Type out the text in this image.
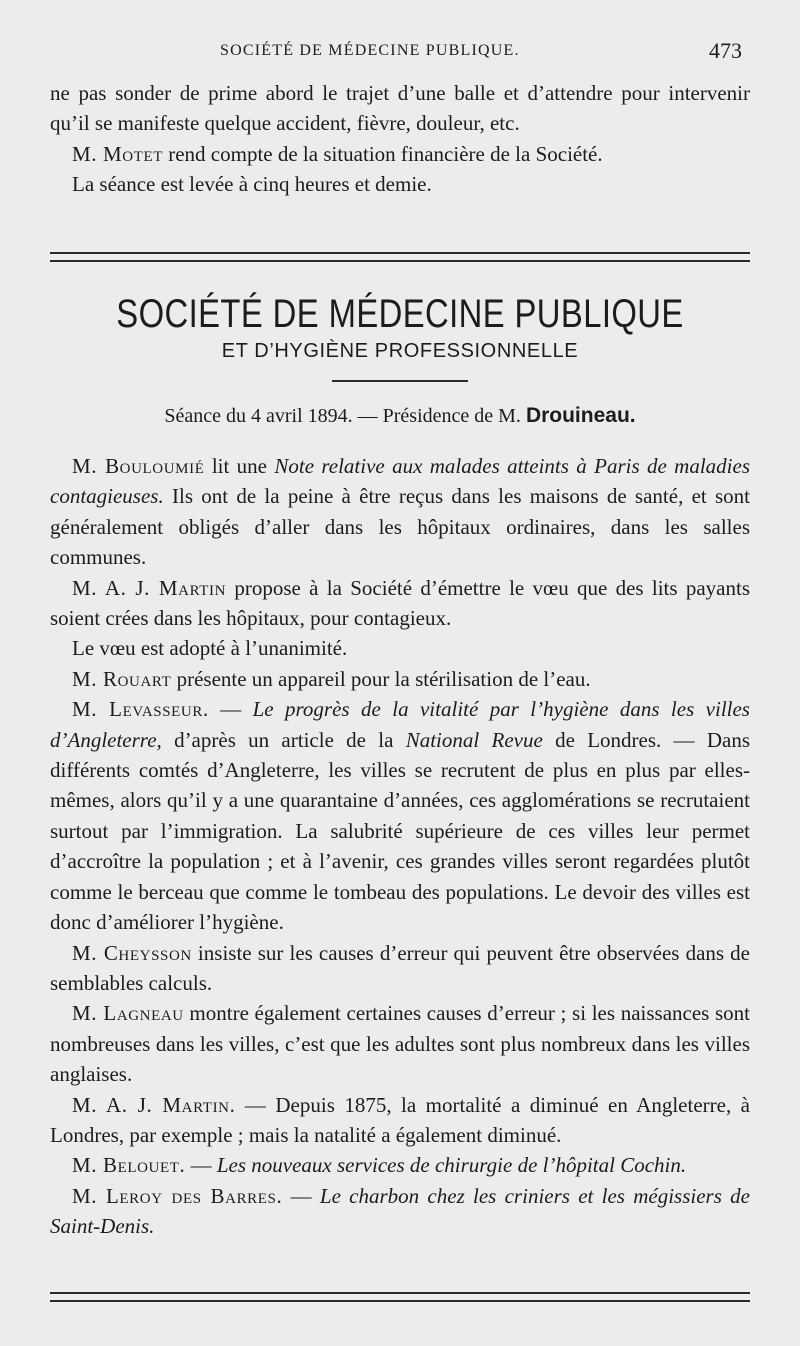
SOCIÉTÉ DE MÉDECINE PUBLIQUE.	473

ne pas sonder de prime abord le trajet d’une balle et d’attendre pour intervenir qu’il se manifeste quelque accident, fièvre, douleur, etc.

M. Motet rend compte de la situation financière de la Société.

La séance est levée à cinq heures et demie.

SOCIÉTÉ DE MÉDECINE PUBLIQUE
ET D’HYGIÈNE PROFESSIONNELLE
Séance du 4 avril 1894. — Présidence de M. Drouineau.

M. Bouloumié lit une Note relative aux malades atteints à Paris de maladies contagieuses. Ils ont de la peine à être reçus dans les maisons de santé, et sont généralement obligés d’aller dans les hôpitaux ordinaires, dans les salles communes.

M. A. J. Martin propose à la Société d’émettre le vœu que des lits payants soient crées dans les hôpitaux, pour contagieux.

Le vœu est adopté à l’unanimité.

M. Rouart présente un appareil pour la stérilisation de l’eau.

M. Levasseur. — Le progrès de la vitalité par l’hygiène dans les villes d’Angleterre, d’après un article de la National Revue de Londres. — Dans différents comtés d’Angleterre, les villes se recrutent de plus en plus par elles-mêmes, alors qu’il y a une quarantaine d’années, ces agglomérations se recrutaient surtout par l’immigration. La salubrité supérieure de ces villes leur permet d’accroître la population ; et à l’avenir, ces grandes villes seront regardées plutôt comme le berceau que comme le tombeau des populations. Le devoir des villes est donc d’améliorer l’hygiène.

M. Cheysson insiste sur les causes d’erreur qui peuvent être observées dans de semblables calculs.

M. Lagneau montre également certaines causes d’erreur ; si les naissances sont nombreuses dans les villes, c’est que les adultes sont plus nombreux dans les villes anglaises.

M. A. J. Martin. — Depuis 1875, la mortalité a diminué en Angleterre, à Londres, par exemple ; mais la natalité a également diminué.

M. Belouet. — Les nouveaux services de chirurgie de l’hôpital Cochin.

M. Leroy des Barres. — Le charbon chez les criniers et les mégissiers de Saint-Denis.
